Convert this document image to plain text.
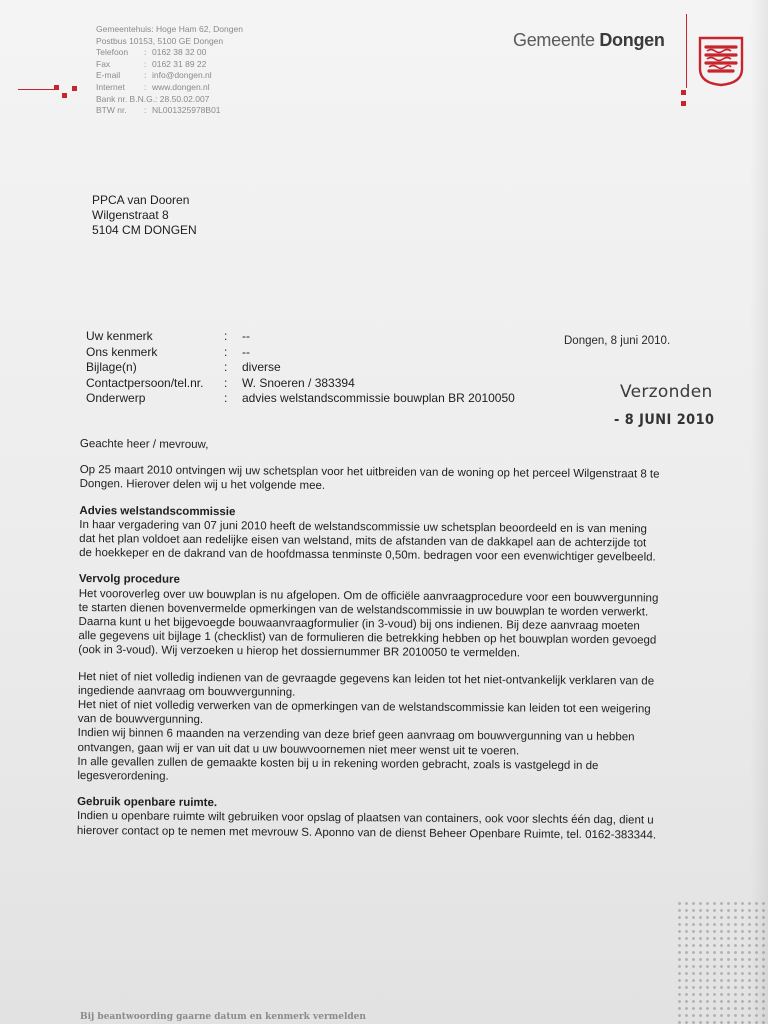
Gemeentehuis: Hoge Ham 62, Dongen
Postbus 10153, 5100 GE Dongen
Telefoon	: 0162 38 32 00
Fax	: 0162 31 89 22
E-mail	: info@dongen.nl
Internet	: www.dongen.nl
Bank nr. B.N.G.: 28.50.02.007
BTW nr.	: NL001325978B01
Gemeente Dongen
PPCA van Dooren
Wilgenstraat 8
5104 CM DONGEN
Uw kenmerk	:	--
Ons kenmerk	:	--
Bijlage(n)	:	diverse
Contactpersoon/tel.nr.	:	W. Snoeren / 383394
Onderwerp	:	advies welstandscommissie bouwplan BR 2010050
Dongen, 8 juni 2010.
Verzonden
- 8 JUNI 2010

Geachte heer / mevrouw,

Op 25 maart 2010 ontvingen wij uw schetsplan voor het uitbreiden van de woning op het perceel Wilgenstraat 8 te Dongen. Hierover delen wij u het volgende mee.

Advies welstandscommissie

In haar vergadering van 07 juni 2010 heeft de welstandscommissie uw schetsplan beoordeeld en is van mening dat het plan voldoet aan redelijke eisen van welstand, mits de afstanden van de dakkapel aan de achterzijde tot de hoekkeper en de dakrand van de hoofdmassa tenminste 0,50m. bedragen voor een evenwichtiger gevelbeeld.

Vervolg procedure

Het vooroverleg over uw bouwplan is nu afgelopen. Om de officiële aanvraagprocedure voor een bouwvergunning te starten dienen bovenvermelde opmerkingen van de welstandscommissie in uw bouwplan te worden verwerkt. Daarna kunt u het bijgevoegde bouwaanvraagformulier (in 3-voud) bij ons indienen. Bij deze aanvraag moeten alle gegevens uit bijlage 1 (checklist) van de formulieren die betrekking hebben op het bouwplan worden gevoegd (ook in 3-voud). Wij verzoeken u hierop het dossiernummer BR 2010050 te vermelden.

Het niet of niet volledig indienen van de gevraagde gegevens kan leiden tot het niet-ontvankelijk verklaren van de ingediende aanvraag om bouwvergunning.
Het niet of niet volledig verwerken van de opmerkingen van de welstandscommissie kan leiden tot een weigering van de bouwvergunning.
Indien wij binnen 6 maanden na verzending van deze brief geen aanvraag om bouwvergunning van u hebben ontvangen, gaan wij er van uit dat u uw bouwvoornemen niet meer wenst uit te voeren.
In alle gevallen zullen de gemaakte kosten bij u in rekening worden gebracht, zoals is vastgelegd in de legesverordening.

Gebruik openbare ruimte.

Indien u openbare ruimte wilt gebruiken voor opslag of plaatsen van containers, ook voor slechts één dag, dient u hierover contact op te nemen met mevrouw S. Aponno van de dienst Beheer Openbare Ruimte, tel. 0162-383344.

Bij beantwoording gaarne datum en kenmerk vermelden
